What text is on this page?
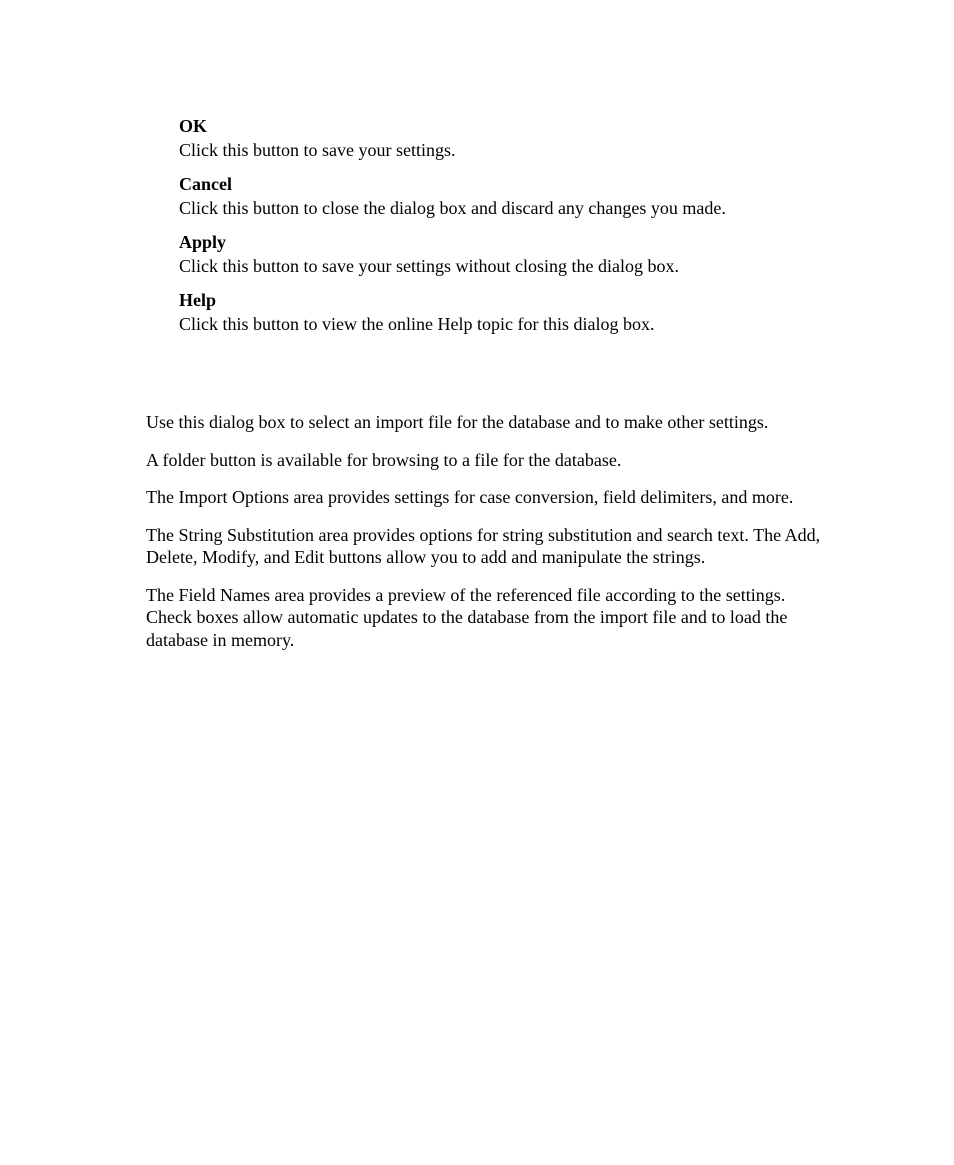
OK

Click this button to save your settings.

Cancel

Click this button to close the dialog box and discard any changes you made.

Apply

Click this button to save your settings without closing the dialog box.

Help

Click this button to view the online Help topic for this dialog box.

Use this dialog box to select an import file for the database and to make other settings.

A folder button is available for browsing to a file for the database.

The Import Options area provides settings for case conversion, field delimiters, and more.

The String Substitution area provides options for string substitution and search text. The Add, Delete, Modify, and Edit buttons allow you to add and manipulate the strings.

The Field Names area provides a preview of the referenced file according to the settings. Check boxes allow automatic updates to the database from the import file and to load the database in memory.
